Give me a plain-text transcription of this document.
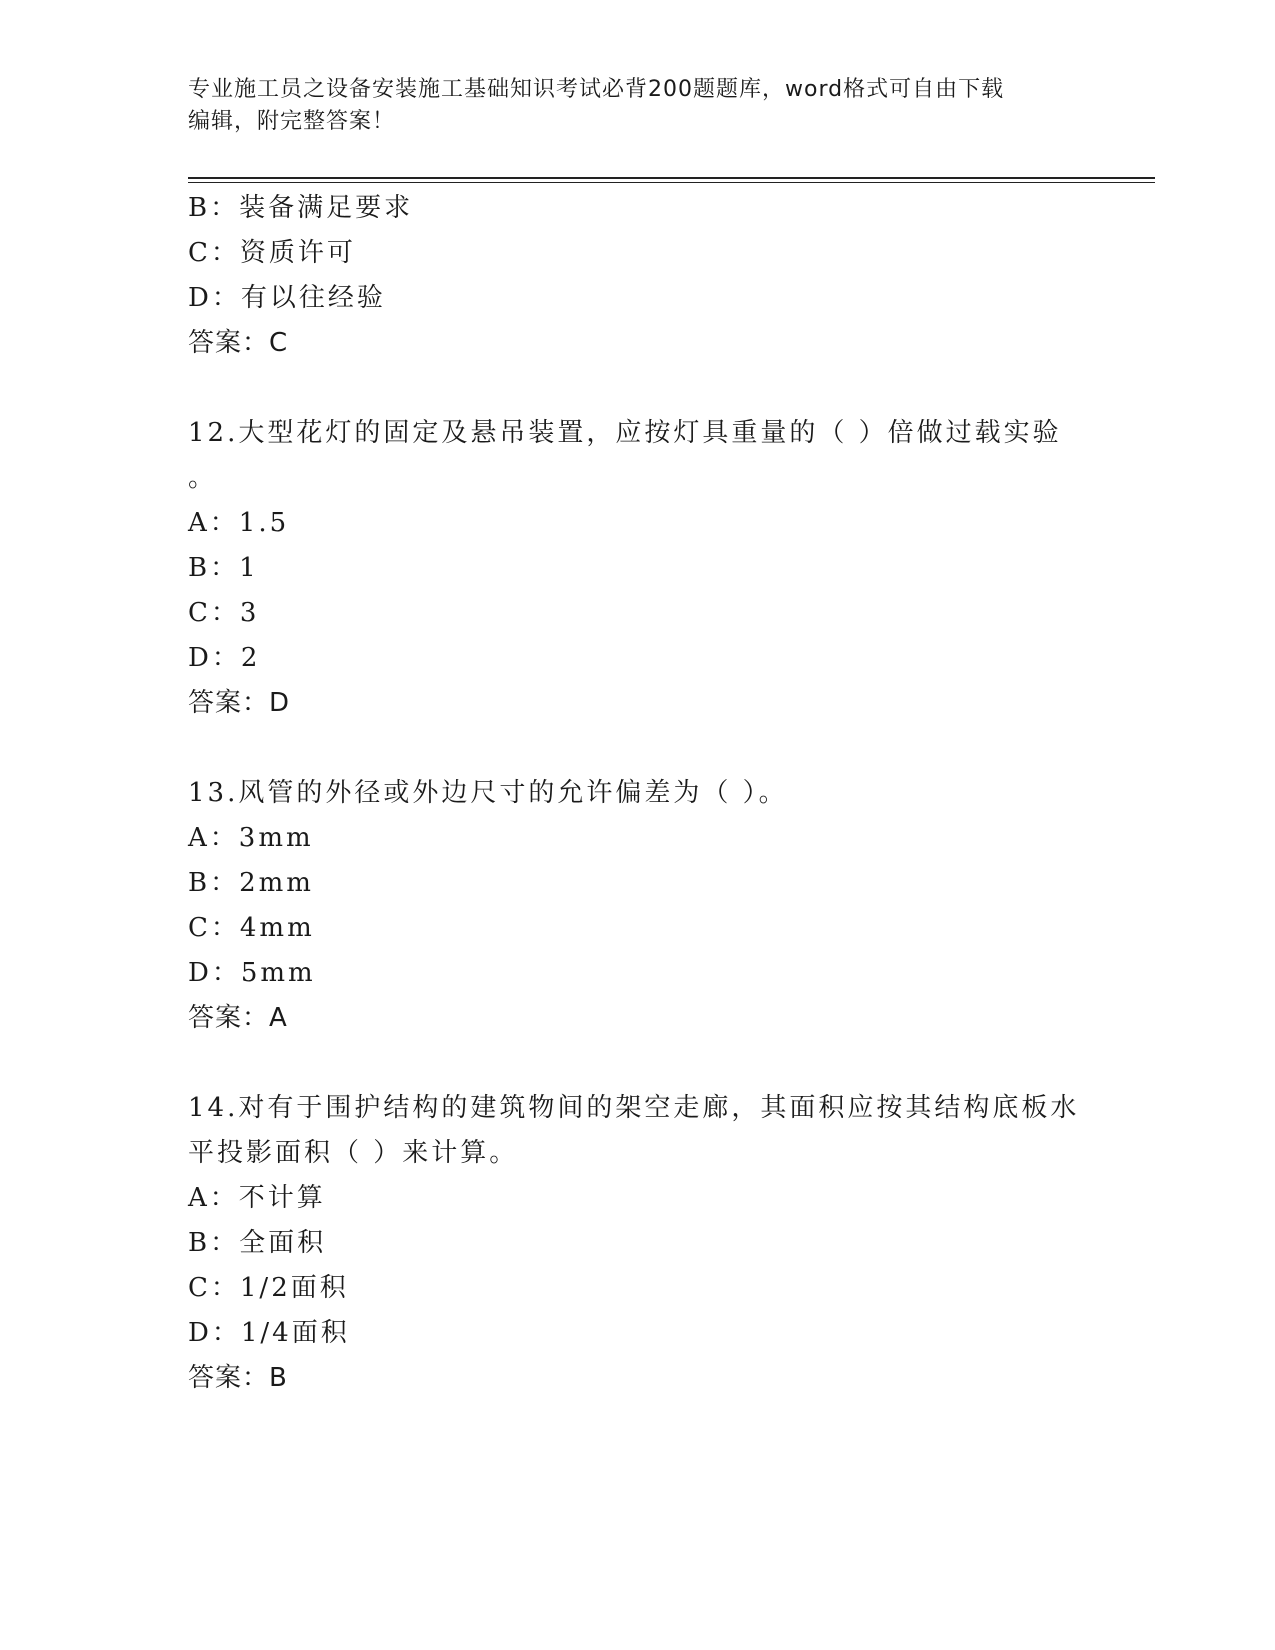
专业施工员之设备安装施工基础知识考试必背200题题库，word格式可自由下载
编辑，附完整答案！
B：装备满足要求
C：资质许可
D：有以往经验
答案：C
12.大型花灯的固定及悬吊装置，应按灯具重量的（ ）倍做过载实验
。
A：1.5
B：1
C：3
D：2
答案：D
13.风管的外径或外边尺寸的允许偏差为（ ）。
A：3mm
B：2mm
C：4mm
D：5mm
答案：A
14.对有于围护结构的建筑物间的架空走廊，其面积应按其结构底板水
平投影面积（ ）来计算。
A：不计算
B：全面积
C：1/2面积
D：1/4面积
答案：B
